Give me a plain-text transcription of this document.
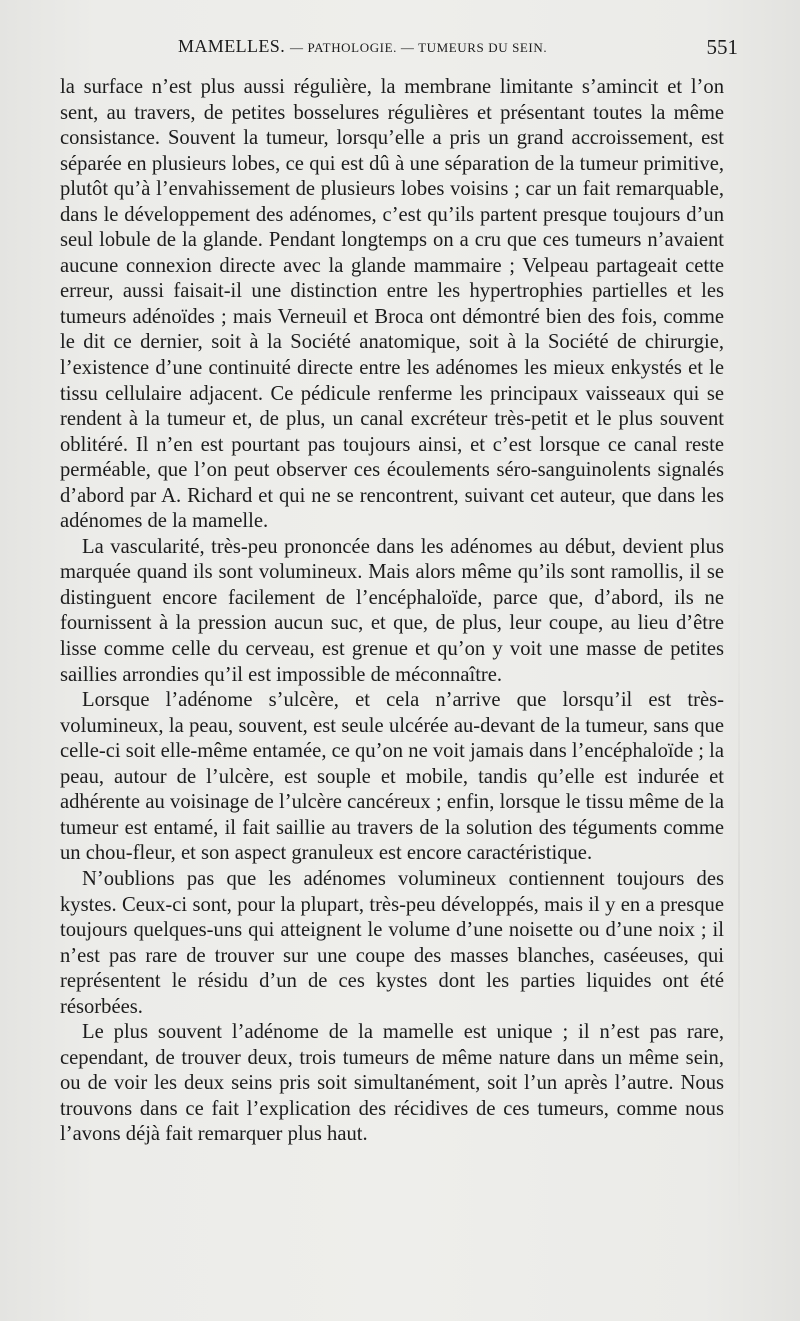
MAMELLES. — PATHOLOGIE. — TUMEURS DU SEIN.	551

la surface n’est plus aussi régulière, la membrane limitante s’amincit et l’on sent, au travers, de petites bosselures régulières et présentant toutes la même consistance. Souvent la tumeur, lorsqu’elle a pris un grand accroissement, est séparée en plusieurs lobes, ce qui est dû à une séparation de la tumeur primitive, plutôt qu’à l’envahissement de plusieurs lobes voisins ; car un fait remarquable, dans le développement des adénomes, c’est qu’ils partent presque toujours d’un seul lobule de la glande. Pendant longtemps on a cru que ces tumeurs n’avaient aucune connexion directe avec la glande mammaire ; Velpeau partageait cette erreur, aussi faisait-il une distinction entre les hypertrophies partielles et les tumeurs adénoïdes ; mais Verneuil et Broca ont démontré bien des fois, comme le dit ce dernier, soit à la Société anatomique, soit à la Société de chirurgie, l’existence d’une continuité directe entre les adénomes les mieux enkystés et le tissu cellulaire adjacent. Ce pédicule renferme les principaux vaisseaux qui se rendent à la tumeur et, de plus, un canal excréteur très-petit et le plus souvent oblitéré. Il n’en est pourtant pas toujours ainsi, et c’est lorsque ce canal reste perméable, que l’on peut observer ces écoulements séro-sanguinolents signalés d’abord par A. Richard et qui ne se rencontrent, suivant cet auteur, que dans les adénomes de la mamelle.

La vascularité, très-peu prononcée dans les adénomes au début, devient plus marquée quand ils sont volumineux. Mais alors même qu’ils sont ramollis, il se distinguent encore facilement de l’encéphaloïde, parce que, d’abord, ils ne fournissent à la pression aucun suc, et que, de plus, leur coupe, au lieu d’être lisse comme celle du cerveau, est grenue et qu’on y voit une masse de petites saillies arrondies qu’il est impossible de méconnaître.

Lorsque l’adénome s’ulcère, et cela n’arrive que lorsqu’il est très-volumineux, la peau, souvent, est seule ulcérée au-devant de la tumeur, sans que celle-ci soit elle-même entamée, ce qu’on ne voit jamais dans l’encéphaloïde ; la peau, autour de l’ulcère, est souple et mobile, tandis qu’elle est indurée et adhérente au voisinage de l’ulcère cancéreux ; enfin, lorsque le tissu même de la tumeur est entamé, il fait saillie au travers de la solution des téguments comme un chou-fleur, et son aspect granuleux est encore caractéristique.

N’oublions pas que les adénomes volumineux contiennent toujours des kystes. Ceux-ci sont, pour la plupart, très-peu développés, mais il y en a presque toujours quelques-uns qui atteignent le volume d’une noisette ou d’une noix ; il n’est pas rare de trouver sur une coupe des masses blanches, caséeuses, qui représentent le résidu d’un de ces kystes dont les parties liquides ont été résorbées.

Le plus souvent l’adénome de la mamelle est unique ; il n’est pas rare, cependant, de trouver deux, trois tumeurs de même nature dans un même sein, ou de voir les deux seins pris soit simultanément, soit l’un après l’autre. Nous trouvons dans ce fait l’explication des récidives de ces tumeurs, comme nous l’avons déjà fait remarquer plus haut.
